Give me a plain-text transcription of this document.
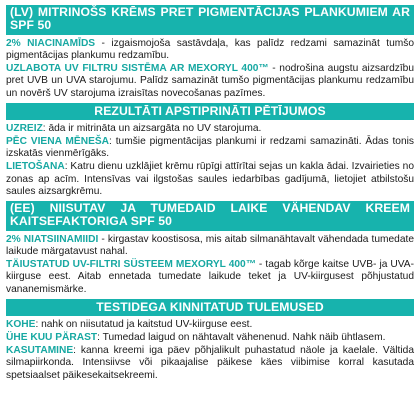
(LV) MITRINOŠS KRĒMS PRET PIGMENTĀCIJAS PLANKUMIEM AR SPF 50
2% NIACINAMĪDS - izgaismojoša sastāvdaļa, kas palīdz redzami samazināt tumšo pigmentācijas plankumu redzamību.
UZLABOTA UV FILTRU SISTĒMA AR MEXORYL 400™ - nodrošina augstu aizsardzību pret UVB un UVA starojumu. Palīdz samazināt tumšo pigmentācijas plankumu redzamību un novērš UV starojuma izraisītas novecošanas pazīmes.
REZULTĀTI APSTIPRINĀTI PĒTĪJUMOS
UZREIZ: āda ir mitrināta un aizsargāta no UV starojuma.
PĒC VIENA MĒNEŠA: tumšie pigmentācijas plankumi ir redzami samazināti. Ādas tonis izskatās vienmērīgāks.
LIETOŠANA: Katru dienu uzklājiet krēmu rūpīgi attīrītai sejas un kakla ādai. Izvairieties no zonas ap acīm. Intensīvas vai ilgstošas saules iedarbības gadījumā, lietojiet atbilstošu saules aizsargkrēmu.
(EE) NIISUTAV JA TUMEDAID LAIKE VÄHENDAV KREEM KAITSEFAKTORIGA SPF 50
2% NIATSIINAMIIDI - kirgastav koostisosa, mis aitab silmanähtavalt vähendada tumedate laikude märgatavust nahal.
TÄIUSTATUD UV-FILTRI SÜSTEEM MEXORYL 400™ - tagab kõrge kaitse UVB- ja UVA-kiirguse eest. Aitab ennetada tumedate laikude teket ja UV-kiirgusest põhjustatud vananemismärke.
TESTIDEGA KINNITATUD TULEMUSED
KOHE: nahk on niisutatud ja kaitstud UV-kiirguse eest.
ÜHE KUU PÄRAST: Tumedad laigud on nähtavalt vähenenud. Nahk näib ühtlasem.
KASUTAMINE: kanna kreemi iga päev põhjalikult puhastatud näole ja kaelale. Vältida silmapiirkonda. Intensiivse või pikaajalise päikese käes viibimise korral kasutada spetsiaalset päikesekaitsekreemi.
